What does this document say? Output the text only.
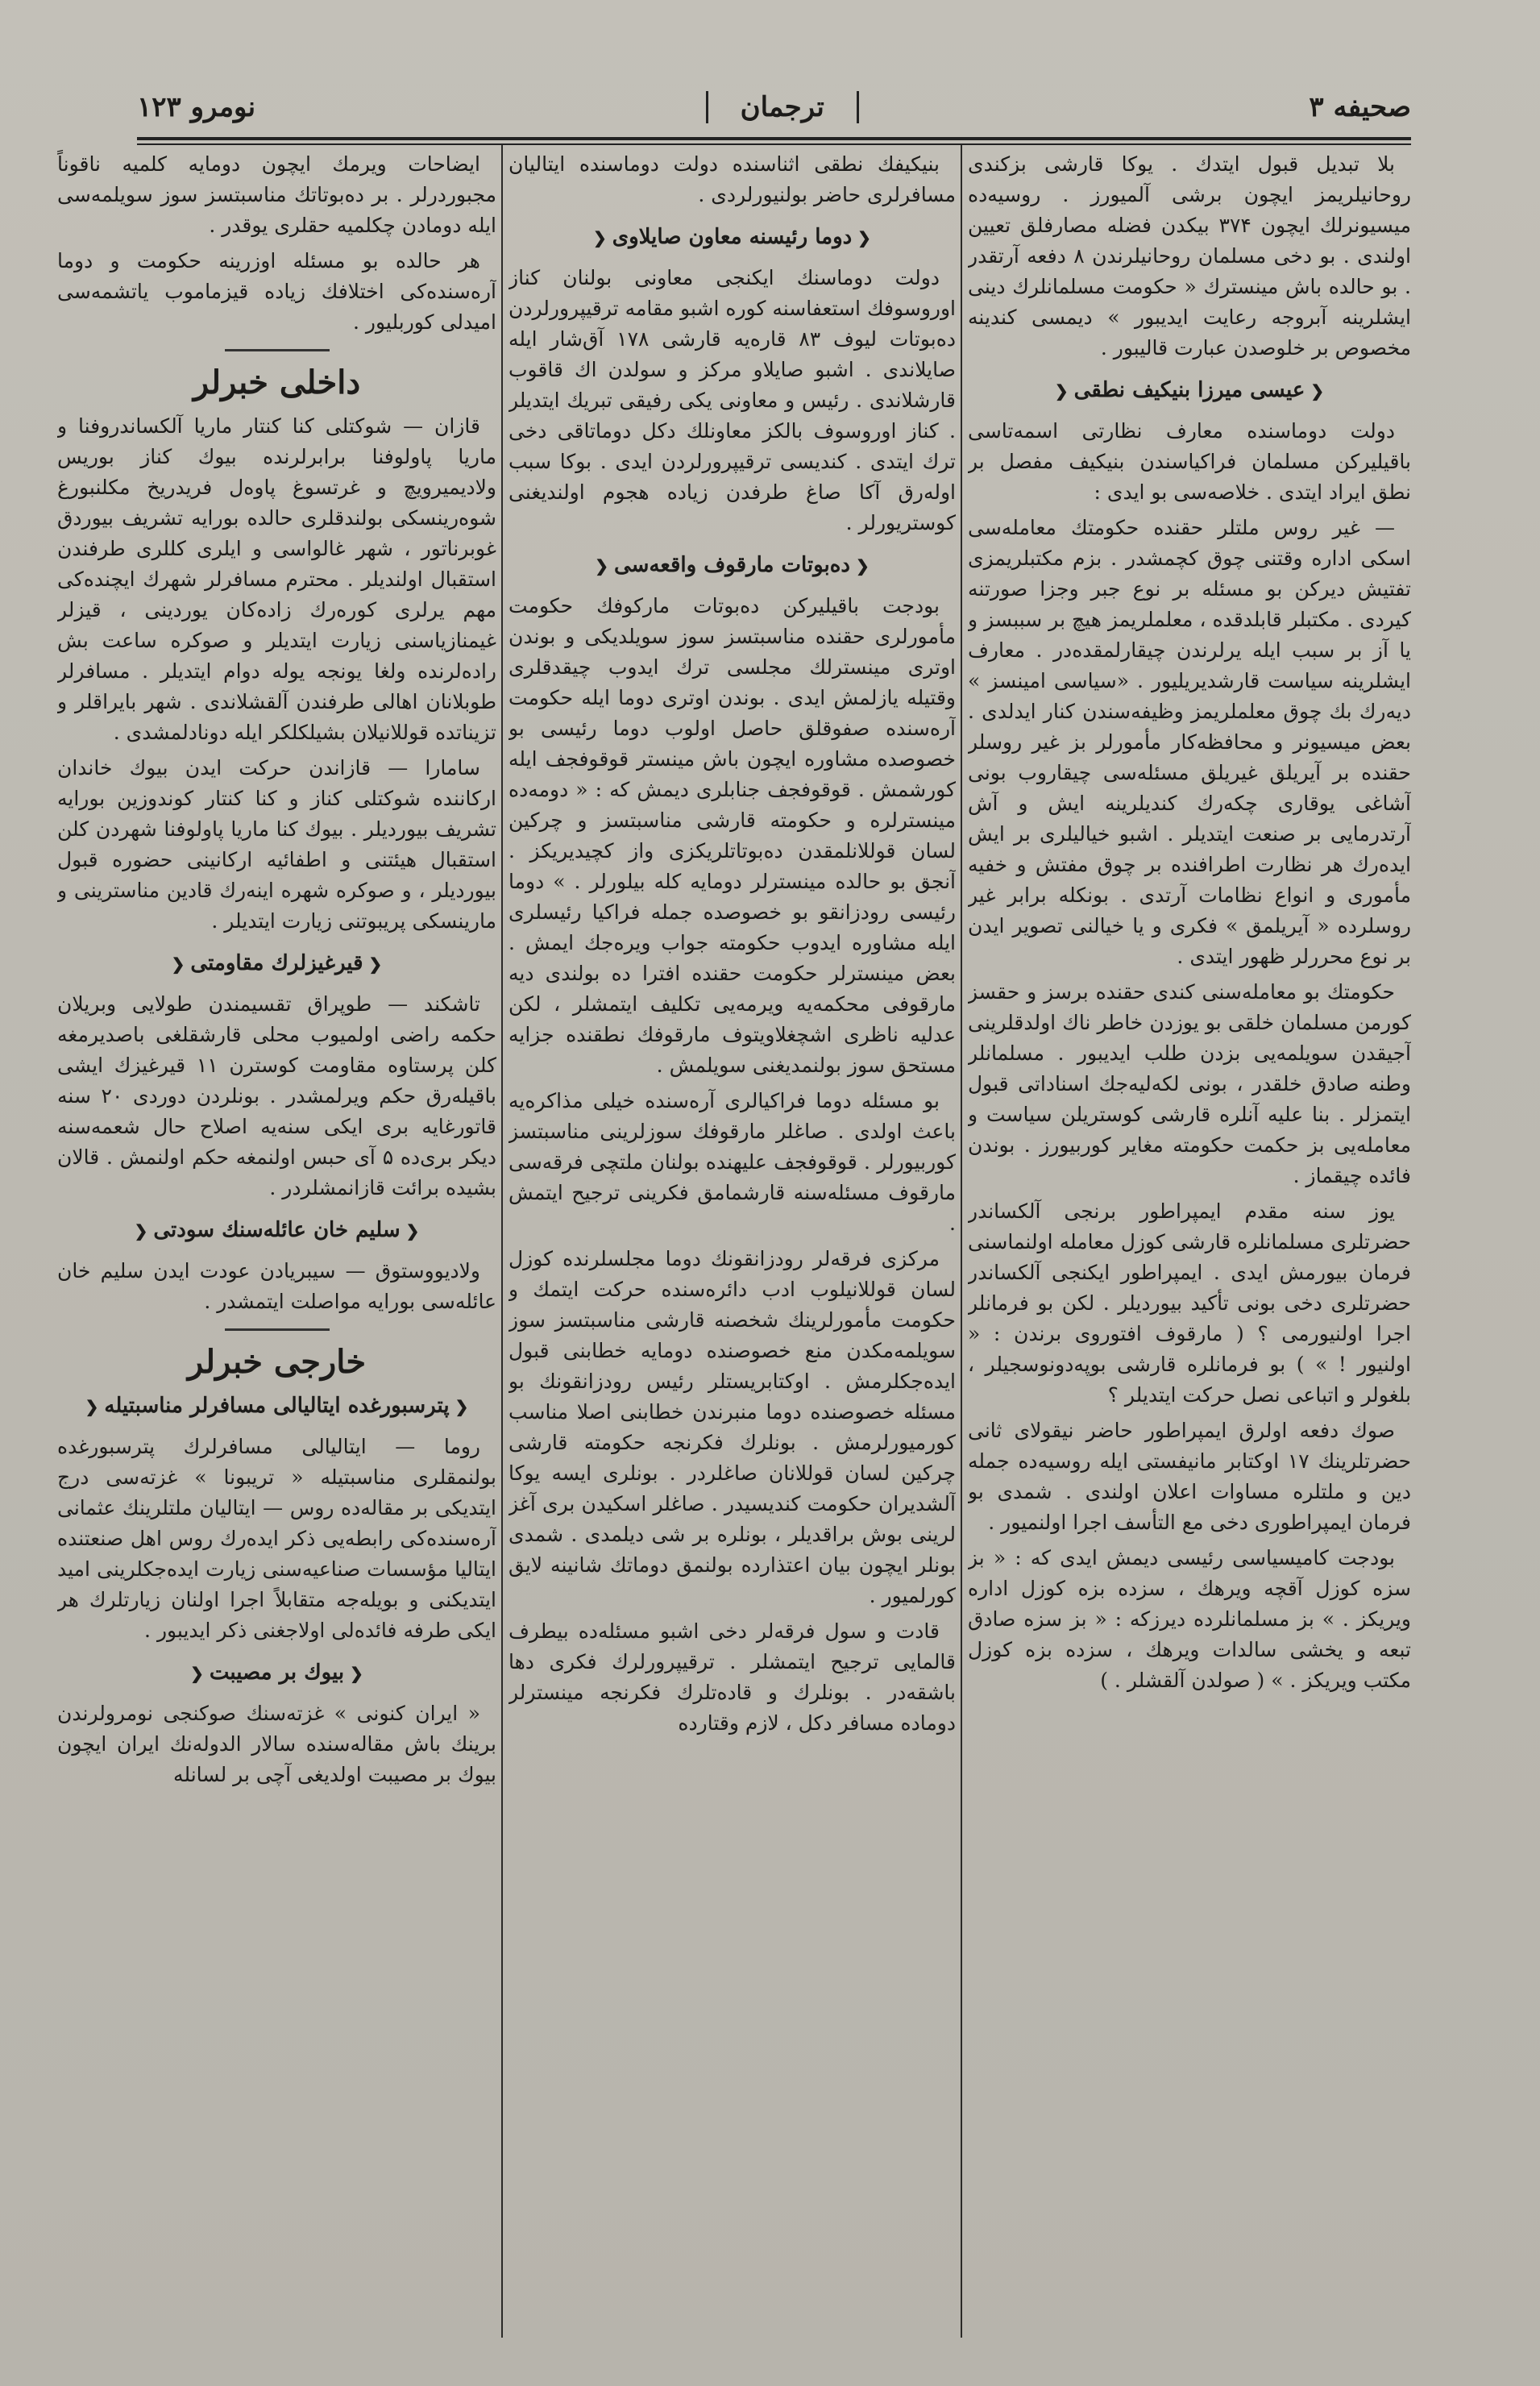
صحیفه ۳
ترجمان
نومرو ۱۲۳

بلا تبدیل قبول ایتدك . یوكا قارشی بزكندی روحانیلریمز ایچون برشی آلمیورز . روسیه‌ده میسیونرلك ایچون ۳۷۴ بیكدن فضله مصارفلق تعیین اولندی . بو دخی مسلمان روحانیلرندن ۸ دفعه آرتقدر . بو حالده باش مینسترك « حكومت مسلمانلرك دینی ایشلرینه آبروجه رعایت ایدیبور » دیمسی كندینه مخصوص بر خلوصدن عبارت قالیبور .

❮ عیسی میرزا بنیكیف نطقی ❮

دولت دوماسنده معارف نظارتی اسمه‌تاسی باقیلیركن مسلمان فراكیاسندن بنیكیف مفصل بر نطق ایراد ایتدی . خلاصه‌سی بو ایدی :

— غیر روس ملتلر حقنده حكومتك معامله‌سی اسكی اداره وقتنی چوق كچمشدر . بزم مكتبلریمزی تفتیش دیركن بو مسئله بر نوع جبر وجزا صورتنه كیردی . مكتبلر قابلدقده ، معلملریمز هیچ بر سببسز و یا آز بر سبب ایله یرلرندن چیقارلمقده‌در . معارف ایشلرینه سیاست قارشدیریلیور . «سیاسی امینسز » دیه‌رك بك چوق معلملریمز وظیفه‌سندن كنار ایدلدی . بعض میسیونر و محافظه‌كار مأمورلر بز غیر روسلر حقنده بر آیریلق غیریلق مسئله‌سی چیقاروب بونی آشاغی یوقاری چكه‌رك كندیلرینه ایش و آش آرتدرمایی بر صنعت ایتدیلر . اشبو خیالیلری بر ایش ایده‌رك هر نظارت اطرافنده بر چوق مفتش و خفیه مأموری و انواع نظامات آرتدی . بونكله برابر غیر روسلرده « آیریلمق » فكری و یا خیالنی تصویر ایدن بر نوع محررلر ظهور ایتدی .

حكومتك بو معامله‌سنی كندی حقنده برسز و حقسز كورمن مسلمان خلقی بو یوزدن خاطر ناك اولدقلرینی آجیقدن سویلمه‌یی بزدن طلب ایدیبور . مسلمانلر وطنه صادق خلقدر ، بونی لكه‌لیه‌جك اسناداتی قبول ایتمزلر . بنا علیه آنلره قارشی كوستریلن سیاست و معامله‌یی بز حكمت حكومته مغایر كوربیورز . بوندن فائده چیقماز .

یوز سنه مقدم ایمپراطور برنجی آلكساندر حضرتلری مسلمانلره قارشی كوزل معامله اولنماسنی فرمان بیورمش ایدی . ایمپراطور ایكنجی آلكساندر حضرتلری دخی بونی تأكید بیوردیلر . لكن بو فرمانلر اجرا اولنیورمی ؟ ( مارقوف افتوروی برندن : « اولنیور ! » ) بو فرمانلره قارشی بوپه‌دونوسجیلر ، بلغولر و اتباعی نصل حركت ایتدیلر ؟

صوك دفعه اولرق ایمپراطور حاضر نیقولای ثانی حضرتلرینك ۱۷ اوكتابر مانیفستی ایله روسیه‌ده جمله دین و ملتلره مساوات اعلان اولندی . شمدی بو فرمان ایمپراطوری دخی مع التأسف اجرا اولنمیور .

بودجت كامیسیاسی رئیسی دیمش ایدی كه : « بز سزه كوزل آقچه ویرهك ، سزده بزه كوزل اداره ویریكز . » بز مسلمانلرده دیرزكه : « بز سزه صادق تبعه و یخشی سالدات ویرهك ، سزده بزه كوزل مكتب ویریكز . » ( صولدن آلقشلر . )

بنیكیفك نطقی اثناسنده دولت دوماسنده ایتالیان مسافرلری حاضر بولنیورلردی .

❮ دوما رئیسنه معاون صایلاوی ❮

دولت دوماسنك ایكنجی معاونی بولنان كناز اوروسوفك استعفاسنه كوره اشبو مقامه ترقیپرورلردن دەبوتات لیوف ۸۳ قاره‌یه قارشی ۱۷۸ آق‌شار ایله صایلاندی . اشبو صایلاو مركز و سولدن اك قاقوب قارشلاندی . رئیس و معاونی یكی رفیقی تبریك ایتدیلر . كناز اوروسوف بالكز معاونلك دكل دوماتاقی دخی ترك ایتدی . كندیسی ترقیپرورلردن ایدی . بوكا سبب اوله‌رق آكا صاغ طرفدن زیاده هجوم اولندیغنی كوستریورلر .

❮ دەبوتات مارقوف واقعه‌سی ❮

بودجت باقیلیركن دەبوتات ماركوفك حكومت مأمورلری حقنده مناسبتسز سوز سویلدیكی و بوندن اوتری مینسترلك مجلسی ترك ایدوب چیقدقلری وقتیله یازلمش ایدی . بوندن اوتری دوما ایله حكومت آره‌سنده صفوقلق حاصل اولوب دوما رئیسی بو خصوصده مشاوره ایچون باش مینستر قوقوفجف ایله كورشمش . قوقوفجف جنابلری دیمش كه : « دومه‌ده مینسترلره و حكومته قارشی مناسبتسز و چركین لسان قوللانلمقدن دەبوتاتلریكزی واز كچیدیریكز . آنجق بو حالده مینسترلر دومایه كله بیلورلر . » دوما رئیسی رودزانقو بو خصوصده جمله فراكیا رئیسلری ایله مشاوره ایدوب حكومته جواب ویره‌جك ایمش . بعض مینسترلر حكومت حقنده افترا ده بولندی دیه مارقوفی محكمه‌یه ویرمه‌یی تكلیف ایتمشلر ، لكن عدلیه ناظری اشچغلاویتوف مارقوفك نطقنده جزایه مستحق سوز بولنمدیغنی سویلمش .

بو مسئله دوما فراكیالری آره‌سنده خیلی مذاكره‌یه باعث اولدی . صاغلر مارقوفك سوزلرینی مناسبتسز كوربیورلر . قوقوفجف علیهنده بولنان ملتچی فرقه‌سی مارقوف مسئله‌سنه قارشمامق فكرینی ترجیح ایتمش .

مركزی فرقه‌لر رودزانقونك دوما مجلسلرنده كوزل لسان قوللانیلوب ادب دائره‌سنده حركت ایتمك و حكومت مأمورلرینك شخصنه قارشی مناسبتسز سوز سویلمه‌مكدن منع خصوصنده دومایه خطابنی قبول ایده‌جكلرمش . اوكتابریستلر رئیس رودزانقونك بو مسئله خصوصنده دوما منبرندن خطابنی اصلا مناسب كورمیورلرمش . بونلرك فكرنجه حكومته قارشی چركین لسان قوللانان صاغلردر . بونلری ایسه یوكا آلشدیران حكومت كندیسیدر . صاغلر اسكیدن بری آغز لرینی بوش براقدیلر ، بونلره بر شی دیلمدی . شمدی بونلر ایچون بیان اعتذارده بولنمق دوماتك شانینه لایق كورلمیور .

قادت و سول فرقه‌لر دخی اشبو مسئله‌ده بیطرف قالمایی ترجیح ایتمشلر . ترقیپرورلرك فكری دها باشقه‌در . بونلرك و قادەتلرك فكرنجه مینسترلر دوماده مسافر دكل ، لازم وقتارده

ایضاحات ویرمك ایچون دومایه كلمیه ناقوناً مجبوردرلر . بر دەبوتاتك مناسبتسز سوز سویلمه‌سی ایله دومادن چكلمیه حقلری یوقدر .

هر حالده بو مسئله اوزرینه حكومت و دوما آره‌سنده‌كی اختلافك زیاده قیزماموب یاتشمه‌سی امیدلی كوربلیور .

داخلی خبرلر

قازان — شوكتلی كنا كنتار ماریا آلكساندروفنا و ماریا پاولوفنا برابرلرنده بیوك كناز بوریس ولادیمیرویچ و غرتسوغ پاوەل فریدریخ مكلنبورغ شوەرینسكی بولندقلری حالده بورایه تشریف بیوردق غوبرناتور ، شهر غالواسی و ایلری كللری طرفندن استقبال اولندیلر . محترم مسافرلر شهرك ایچنده‌كی مهم یرلری كوره‌رك زاده‌كان یوردینی ، قیزلر غیمنازیاسنی زیارت ایتدیلر و صوكره ساعت بش راده‌لرنده ولغا یونجه یوله دوام ایتدیلر . مسافرلر طوبلانان اهالی طرفندن آلقشلاندی . شهر بایراقلر و تزیناتده قوللانیلان بشیلكلكر ایله دونادلمشدی .

سامارا — قازاندن حركت ایدن بیوك خاندان اركاننده شوكتلی كناز و كنا كنتار كوندوزین بورایه تشریف بیوردیلر . بیوك كنا ماریا پاولوفنا شهردن كلن استقبال هیئتنی و اطفائیه اركانینی حضوره قبول بیوردیلر ، و صوكره شهره اینه‌رك قادین مناسترینی و مارینسكی پریبوتنی زیارت ایتدیلر .

❮ قیرغیزلرك مقاومتی ❮

تاشكند — طوپراق تقسیمندن طولایی وبریلان حكمه راضی اولمیوب محلی قارشقلغی باصدیرمغه كلن پرستاوه مقاومت كوسترن ۱۱ قیرغیزك ایشی باقیلەرق حكم ویرلمشدر . بونلردن دوردی ۲۰ سنه قاتورغایه بری ایكی سنه‌یه اصلاح حال شعمه‌سنه دیكر بری‌ده ۵ آی حبس اولنمغه حكم اولنمش . قالان بشیده برائت قازانمشلردر .

❮ سلیم خان عائله‌سنك سودتی ❮

ولادیووستوق — سیبریادن عودت ایدن سلیم خان عائله‌سی بورایه مواصلت ایتمشدر .

خارجی خبرلر
❮ پترسبورغده ایتالیالی مسافرلر مناسبتیله ❮

روما — ایتالیالی مسافرلرك پترسبورغده بولنمقلری مناسبتیله « تریبونا » غزته‌سی درج ایتدیكی بر مقاله‌ده روس — ایتالیان ملتلرینك عثمانی آره‌سنده‌كی رابطه‌یی ذكر ایده‌رك روس اهل صنعتنده ایتالیا مؤسسات صناعیه‌سنی زیارت ایده‌جكلرینی امید ایتدیكنی و بویله‌جه متقابلاً اجرا اولنان زیارتلرك هر ایكی طرفه فائده‌لی اولاجغنی ذكر ایدیبور .

❮ بیوك بر مصیبت ❮

« ایران كنونی » غزته‌سنك صوكنجی نومرولرندن برینك باش مقاله‌سنده سالار الدوله‌نك ایران ایچون بیوك بر مصیبت اولدیغی آچی بر لسانله
